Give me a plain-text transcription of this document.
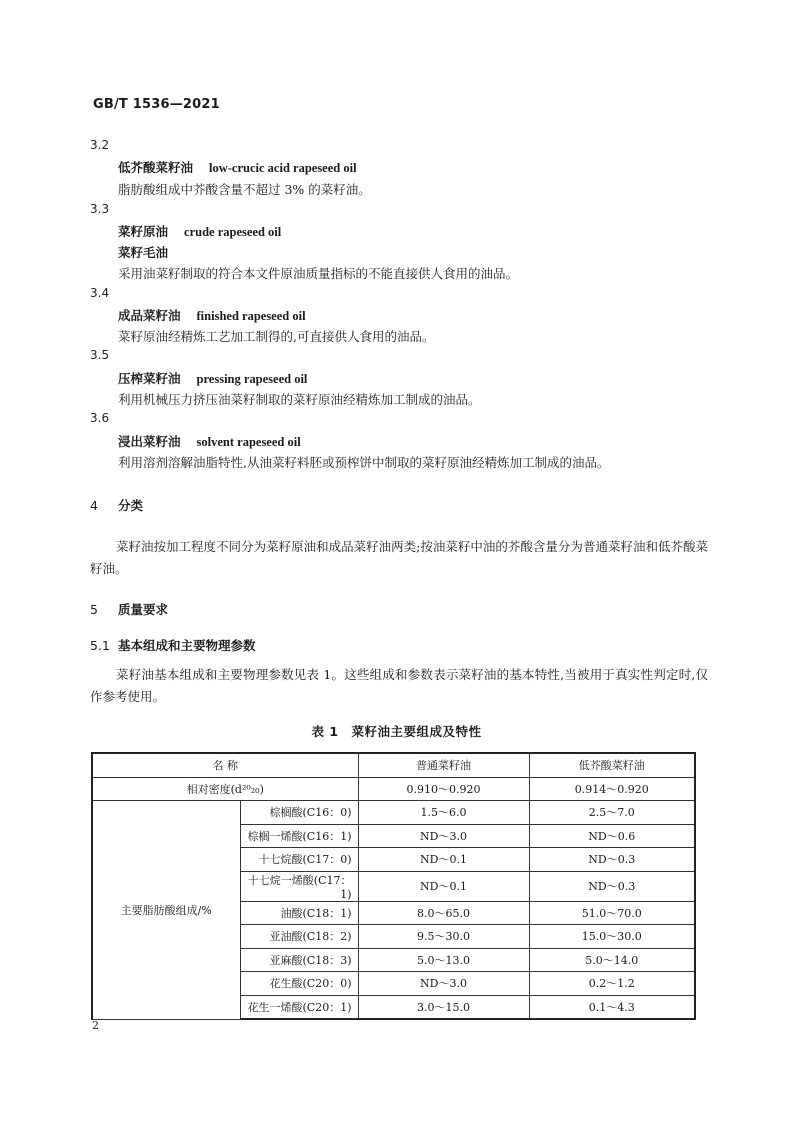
GB/T 1536—2021
3.2
低芥酸菜籽油 low-crucic acid rapeseed oil
脂肪酸组成中芥酸含量不超过 3% 的菜籽油。
3.3
菜籽原油 crude rapeseed oil
菜籽毛油
采用油菜籽制取的符合本文件原油质量指标的不能直接供人食用的油品。
3.4
成品菜籽油 finished rapeseed oil
菜籽原油经精炼工艺加工制得的,可直接供人食用的油品。
3.5
压榨菜籽油 pressing rapeseed oil
利用机械压力挤压油菜籽制取的菜籽原油经精炼加工制成的油品。
3.6
浸出菜籽油 solvent rapeseed oil
利用溶剂溶解油脂特性,从油菜籽料胚或预榨饼中制取的菜籽原油经精炼加工制成的油品。
4 分类
菜籽油按加工程度不同分为菜籽原油和成品菜籽油两类;按油菜籽中油的芥酸含量分为普通菜籽油和低芥酸菜籽油。
5 质量要求
5.1 基本组成和主要物理参数
菜籽油基本组成和主要物理参数见表 1。这些组成和参数表示菜籽油的基本特性,当被用于真实性判定时,仅作参考使用。
表 1　菜籽油主要组成及特性
名 称		普通菜籽油	低芥酸菜籽油
相对密度(d²⁰₂₀)		0.910～0.920	0.914～0.920
主要脂肪酸组成/%	棕榈酸(C16：0)	1.5～6.0	2.5～7.0
	棕榈一烯酸(C16：1)	ND～3.0	ND～0.6
	十七烷酸(C17：0)	ND～0.1	ND～0.3
	十七烷一烯酸(C17：1)	ND～0.1	ND～0.3
	油酸(C18：1)	8.0～65.0	51.0～70.0
	亚油酸(C18：2)	9.5～30.0	15.0～30.0
	亚麻酸(C18：3)	5.0～13.0	5.0～14.0
	花生酸(C20：0)	ND～3.0	0.2～1.2
	花生一烯酸(C20：1)	3.0～15.0	0.1～4.3
2
